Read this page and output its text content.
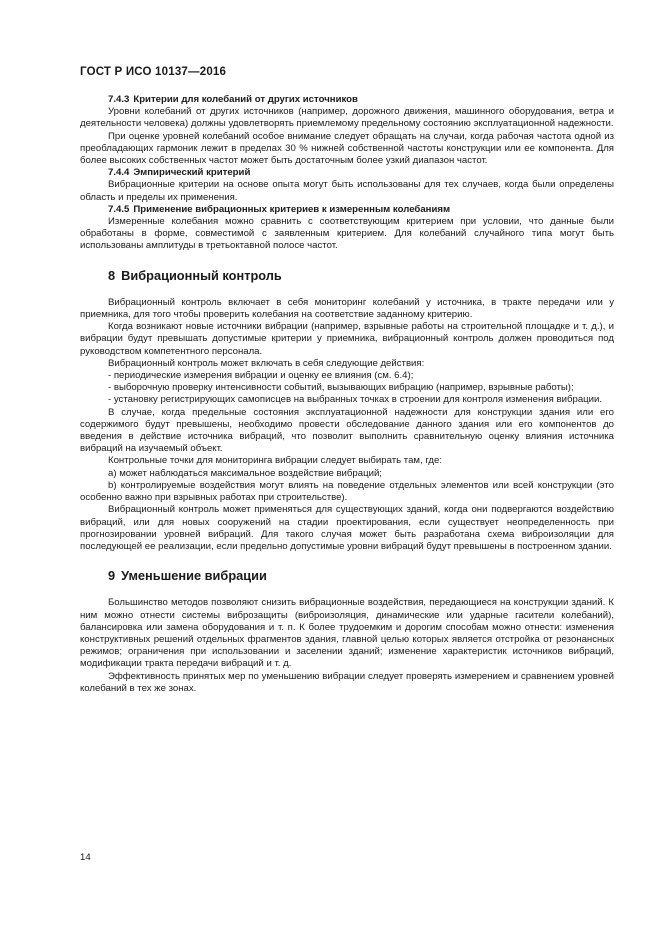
ГОСТ Р ИСО 10137—2016

7.4.3 Критерии для колебаний от других источников

Уровни колебаний от других источников (например, дорожного движения, машинного оборудования, ветра и деятельности человека) должны удовлетворять приемлемому предельному состоянию эксплуатационной надежности.

При оценке уровней колебаний особое внимание следует обращать на случаи, когда рабочая частота одной из преобладающих гармоник лежит в пределах 30 % нижней собственной частоты конструкции или ее компонента. Для более высоких собственных частот может быть достаточным более узкий диапазон частот.

7.4.4 Эмпирический критерий

Вибрационные критерии на основе опыта могут быть использованы для тех случаев, когда были определены область и пределы их применения.

7.4.5 Применение вибрационных критериев к измеренным колебаниям

Измеренные колебания можно сравнить с соответствующим критерием при условии, что данные были обработаны в форме, совместимой с заявленным критерием. Для колебаний случайного типа могут быть использованы амплитуды в третьоктавной полосе частот.

8 Вибрационный контроль

Вибрационный контроль включает в себя мониторинг колебаний у источника, в тракте передачи или у приемника, для того чтобы проверить колебания на соответствие заданному критерию.

Когда возникают новые источники вибрации (например, взрывные работы на строительной площадке и т. д.), и вибрации будут превышать допустимые критерии у приемника, вибрационный контроль должен проводиться под руководством компетентного персонала.

Вибрационный контроль может включать в себя следующие действия:

- периодические измерения вибрации и оценку ее влияния (см. 6.4);

- выборочную проверку интенсивности событий, вызывающих вибрацию (например, взрывные работы);

- установку регистрирующих самописцев на выбранных точках в строении для контроля изменения вибрации.

В случае, когда предельные состояния эксплуатационной надежности для конструкции здания или его содержимого будут превышены, необходимо провести обследование данного здания или его компонентов до введения в действие источника вибраций, что позволит выполнить сравнительную оценку влияния источника вибраций на изучаемый объект.

Контрольные точки для мониторинга вибрации следует выбирать там, где:

а) может наблюдаться максимальное воздействие вибраций;

b) контролируемые воздействия могут влиять на поведение отдельных элементов или всей конструкции (это особенно важно при взрывных работах при строительстве).

Вибрационный контроль может применяться для существующих зданий, когда они подвергаются воздействию вибраций, или для новых сооружений на стадии проектирования, если существует неопределенность при прогнозировании уровней вибраций. Для такого случая может быть разработана схема виброизоляции для последующей ее реализации, если предельно допустимые уровни вибраций будут превышены в построенном здании.

9 Уменьшение вибрации

Большинство методов позволяют снизить вибрационные воздействия, передающиеся на конструкции зданий. К ним можно отнести системы виброзащиты (виброизоляция, динамические или ударные гасители колебаний), балансировка или замена оборудования и т. п. К более трудоемким и дорогим способам можно отнести: изменения конструктивных решений отдельных фрагментов здания, главной целью которых является отстройка от резонансных режимов; ограничения при использовании и заселении зданий; изменение характеристик источников вибраций, модификации тракта передачи вибраций и т. д.

Эффективность принятых мер по уменьшению вибрации следует проверять измерением и сравнением уровней колебаний в тех же зонах.

14
